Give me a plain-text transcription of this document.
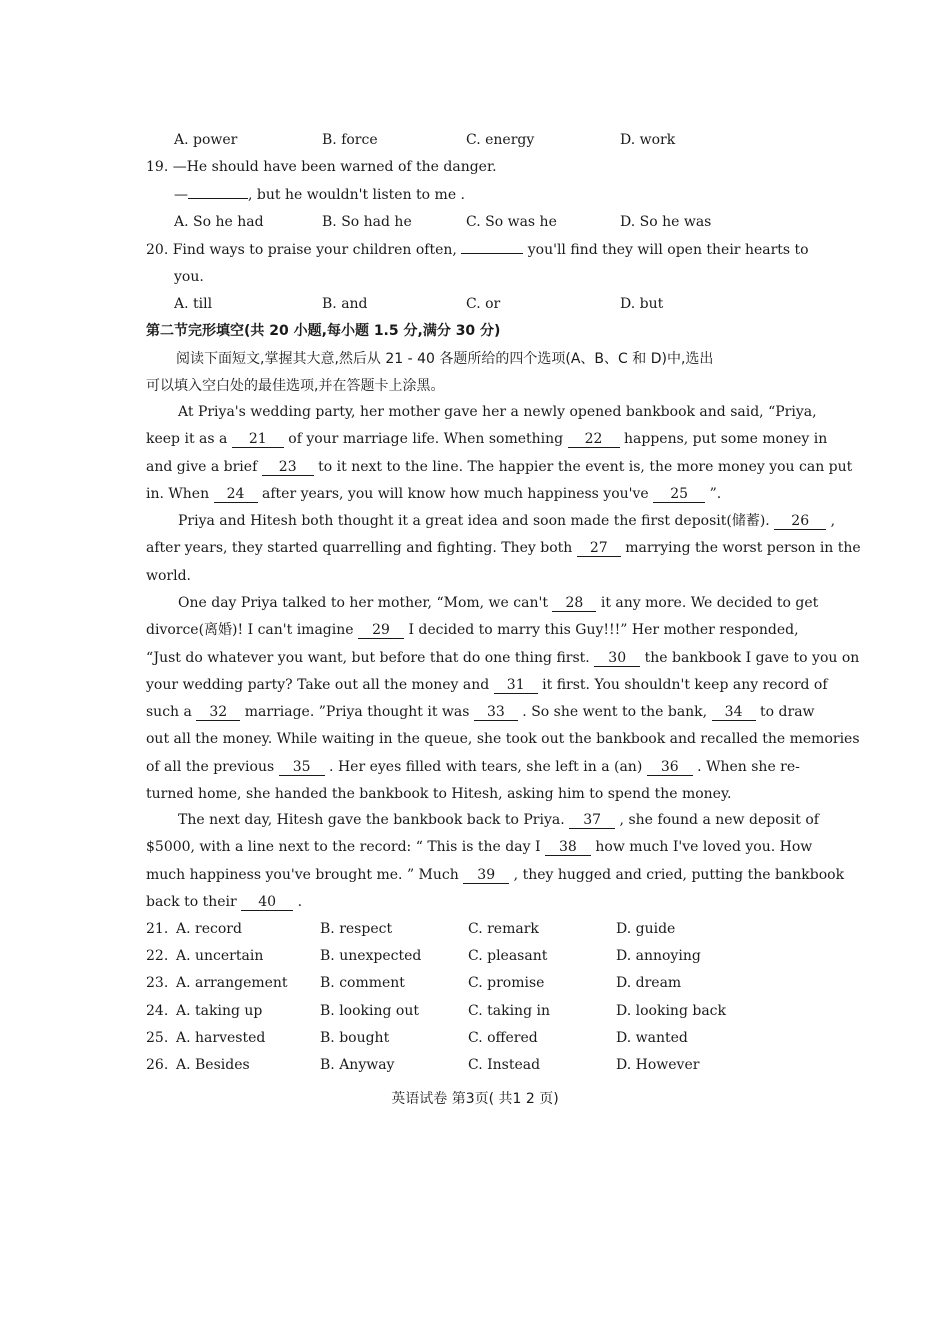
A. power	B. force	C. energy	D. work
19. —He should have been warned of the danger.
—	, but he wouldn't listen to me .
A. So he had	B. So had he	C. So was he	D. So he was
20. Find ways to praise your children often,	you'll find they will open their hearts to
you.
A. till	B. and	C. or	D. but
第二节完形填空(共 20 小题,每小题 1.5 分,满分 30 分)
阅读下面短文,掌握其大意,然后从 21 - 40 各题所给的四个选项(A、B、C 和 D)中,选出
可以填入空白处的最佳选项,并在答题卡上涂黑。
At Priya's wedding party, her mother gave her a newly opened bankbook and said, “Priya,
keep it as a 21 of your marriage life. When something 22 happens, put some money in
and give a brief 23 to it next to the line. The happier the event is, the more money you can put
in. When 24 after years, you will know how much happiness you've 25 ”.
Priya and Hitesh both thought it a great idea and soon made the first deposit(储蓄). 26 ,
after years, they started quarrelling and fighting. They both 27 marrying the worst person in the
world.
One day Priya talked to her mother, “Mom, we can't 28 it any more. We decided to get
divorce(离婚)! I can't imagine 29 I decided to marry this Guy!!!” Her mother responded,
“Just do whatever you want, but before that do one thing first. 30 the bankbook I gave to you on
your wedding party? Take out all the money and 31 it first. You shouldn't keep any record of
such a 32 marriage. ”Priya thought it was 33 . So she went to the bank, 34 to draw
out all the money. While waiting in the queue, she took out the bankbook and recalled the memories
of all the previous 35 . Her eyes filled with tears, she left in a (an) 36 . When she re-
turned home, she handed the bankbook to Hitesh, asking him to spend the money.
The next day, Hitesh gave the bankbook back to Priya. 37 , she found a new deposit of
$5000, with a line next to the record: “ This is the day I 38 how much I've loved you. How
much happiness you've brought me. ” Much 39 , they hugged and cried, putting the bankbook
back to their 40 .
21. A. record	B. respect	C. remark	D. guide
22. A. uncertain	B. unexpected	C. pleasant	D. annoying
23. A. arrangement B. comment	C. promise	D. dream
24. A. taking up	B. looking out	C. taking in	D. looking back
25. A. harvested	B. bought	C. offered	D. wanted
26. A. Besides	B. Anyway	C. Instead	D. However
英语试卷 第3页( 共1 2 页)
